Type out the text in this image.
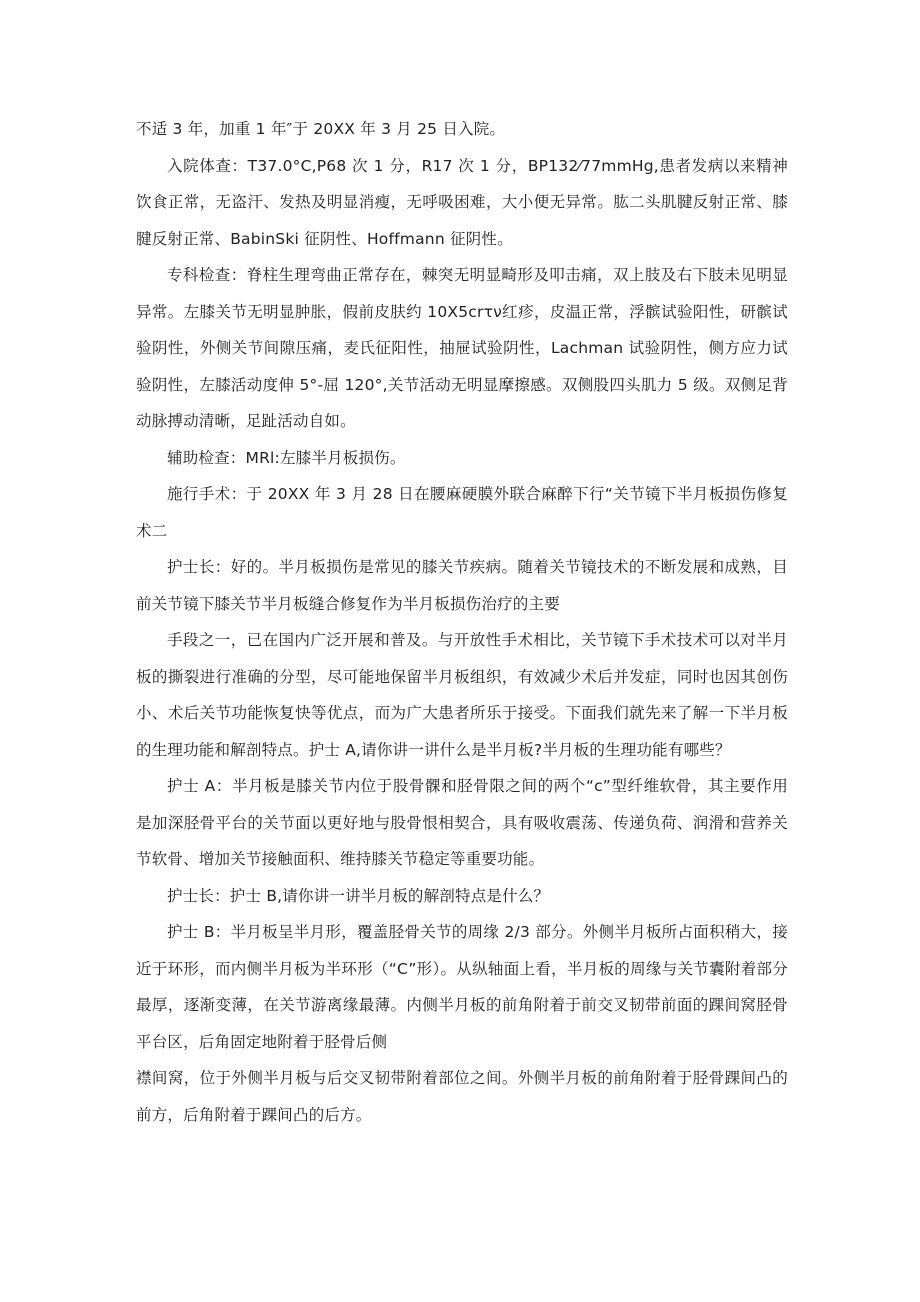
不适 3 年，加重 1 年″于 20XX 年 3 月 25 日入院。

入院体查：T37.0°C,P68 次 1 分，R17 次 1 分，BP132⁄77mmHg,患者发病以来精神饮食正常，无盗汗、发热及明显消瘦，无呼吸困难，大小便无异常。肱二头肌腱反射正常、膝腱反射正常、BabinSki 征阴性、Hoffmann 征阴性。

专科检查：脊柱生理弯曲正常存在，棘突无明显畸形及叩击痛，双上肢及右下肢未见明显异常。左膝关节无明显肿胀，假前皮肤约 10X5crτν红疹，皮温正常，浮髌试验阳性，研髌试验阴性，外侧关节间隙压痛，麦氏征阳性，抽屉试验阴性，Lachman 试验阴性，侧方应力试验阴性，左膝活动度伸 5°-屈 120°,关节活动无明显摩擦感。双侧股四头肌力 5 级。双侧足背动脉搏动清晰，足趾活动自如。

辅助检查：MRl:左膝半月板损伤。

施行手术：于 20XX 年 3 月 28 日在腰麻硬膜外联合麻醉下行“关节镜下半月板损伤修复术二

护士长：好的。半月板损伤是常见的膝关节疾病。随着关节镜技术的不断发展和成熟，目前关节镜下膝关节半月板缝合修复作为半月板损伤治疗的主要

手段之一，已在国内广泛开展和普及。与开放性手术相比，关节镜下手术技术可以对半月板的撕裂进行准确的分型，尽可能地保留半月板组织，有效减少术后并发症，同时也因其创伤小、术后关节功能恢复快等优点，而为广大患者所乐于接受。下面我们就先来了解一下半月板的生理功能和解剖特点。护士 A,请你讲一讲什么是半月板?半月板的生理功能有哪些？

护士 A：半月板是膝关节内位于股骨髁和胫骨限之间的两个“c”型纤维软骨，其主要作用是加深胫骨平台的关节面以更好地与股骨恨相契合，具有吸收震荡、传递负荷、润滑和营养关节软骨、增加关节接触面积、维持膝关节稳定等重要功能。

护士长：护士 B,请你讲一讲半月板的解剖特点是什么？

护士 B：半月板呈半月形，覆盖胫骨关节的周缘 2/3 部分。外侧半月板所占面积稍大，接近于环形，而内侧半月板为半环形（“C”形）。从纵轴面上看，半月板的周缘与关节囊附着部分最厚，逐渐变薄，在关节游离缘最薄。内侧半月板的前角附着于前交叉韧带前面的踝间窝胫骨平台区，后角固定地附着于胫骨后侧

襟间窝，位于外侧半月板与后交叉韧带附着部位之间。外侧半月板的前角附着于胫骨踝间凸的前方，后角附着于踝间凸的后方。
